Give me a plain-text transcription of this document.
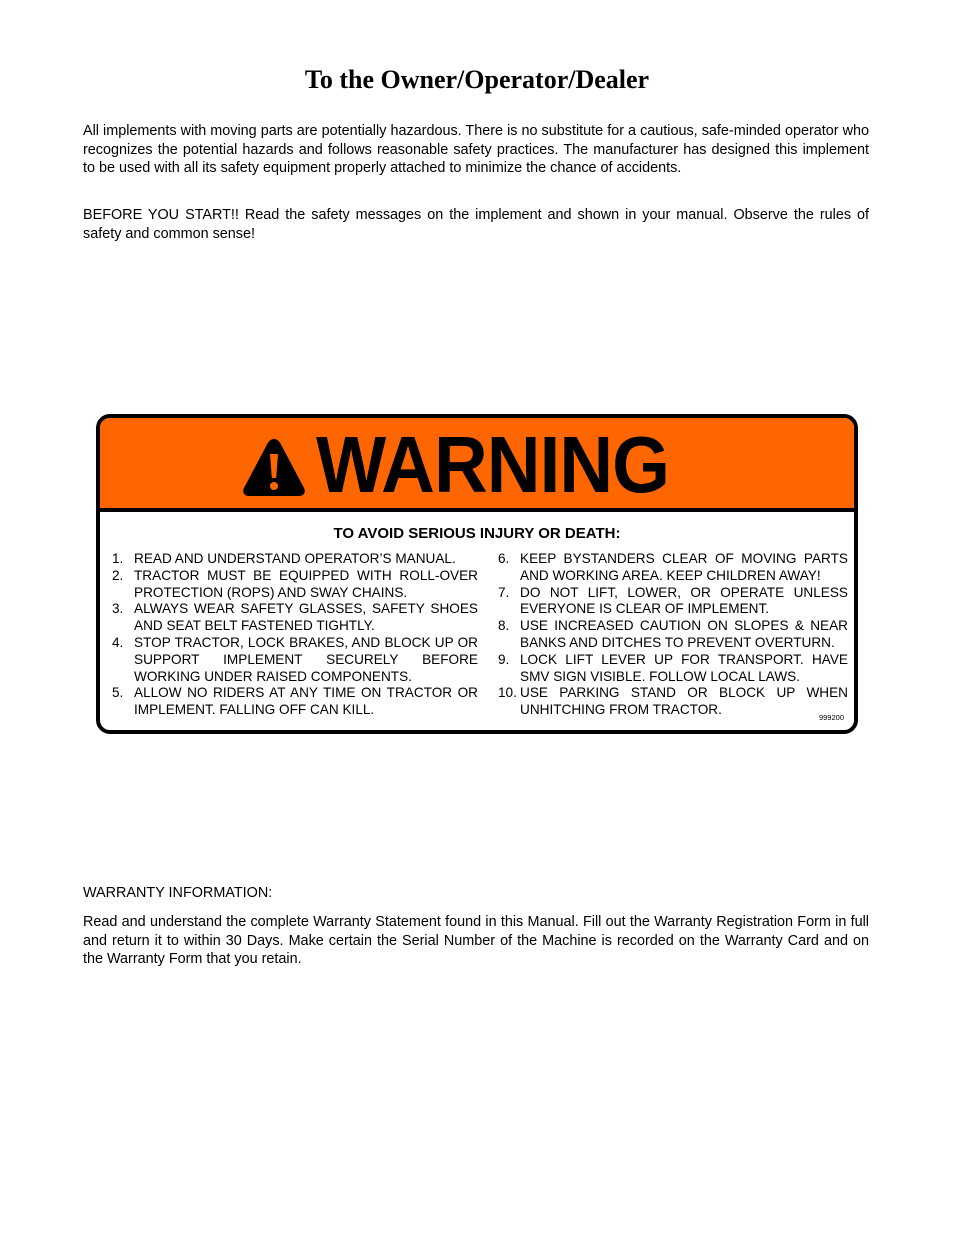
To the Owner/Operator/Dealer

All implements with moving parts are potentially hazardous. There is no substitute for a cautious, safe-minded operator who recognizes the potential hazards and follows reasonable safety practices. The manufacturer has designed this implement to be used with all its safety equipment properly attached to minimize the chance of accidents.

BEFORE YOU START!! Read the safety messages on the implement and shown in your manual. Observe the rules of safety and common sense!

WARNING
TO AVOID SERIOUS INJURY OR DEATH:
1. READ AND UNDERSTAND OPERATOR’S MANUAL.
2. TRACTOR MUST BE EQUIPPED WITH ROLL-OVER PROTECTION (ROPS) AND SWAY CHAINS.
3. ALWAYS WEAR SAFETY GLASSES, SAFETY SHOES AND SEAT BELT FASTENED TIGHTLY.
4. STOP TRACTOR, LOCK BRAKES, AND BLOCK UP OR SUPPORT IMPLEMENT SECURELY BEFORE WORKING UNDER RAISED COMPONENTS.
5. ALLOW NO RIDERS AT ANY TIME ON TRACTOR OR IMPLEMENT. FALLING OFF CAN KILL.
6. KEEP BYSTANDERS CLEAR OF MOVING PARTS AND WORKING AREA. KEEP CHILDREN AWAY!
7. DO NOT LIFT, LOWER, OR OPERATE UNLESS EVERYONE IS CLEAR OF IMPLEMENT.
8. USE INCREASED CAUTION ON SLOPES & NEAR BANKS AND DITCHES TO PREVENT OVERTURN.
9. LOCK LIFT LEVER UP FOR TRANSPORT. HAVE SMV SIGN VISIBLE. FOLLOW LOCAL LAWS.
10. USE PARKING STAND OR BLOCK UP WHEN UNHITCHING FROM TRACTOR.
999200

WARRANTY INFORMATION:

Read and understand the complete Warranty Statement found in this Manual. Fill out the Warranty Registration Form in full and return it to within 30 Days. Make certain the Serial Number of the Machine is recorded on the Warranty Card and on the Warranty Form that you retain.
